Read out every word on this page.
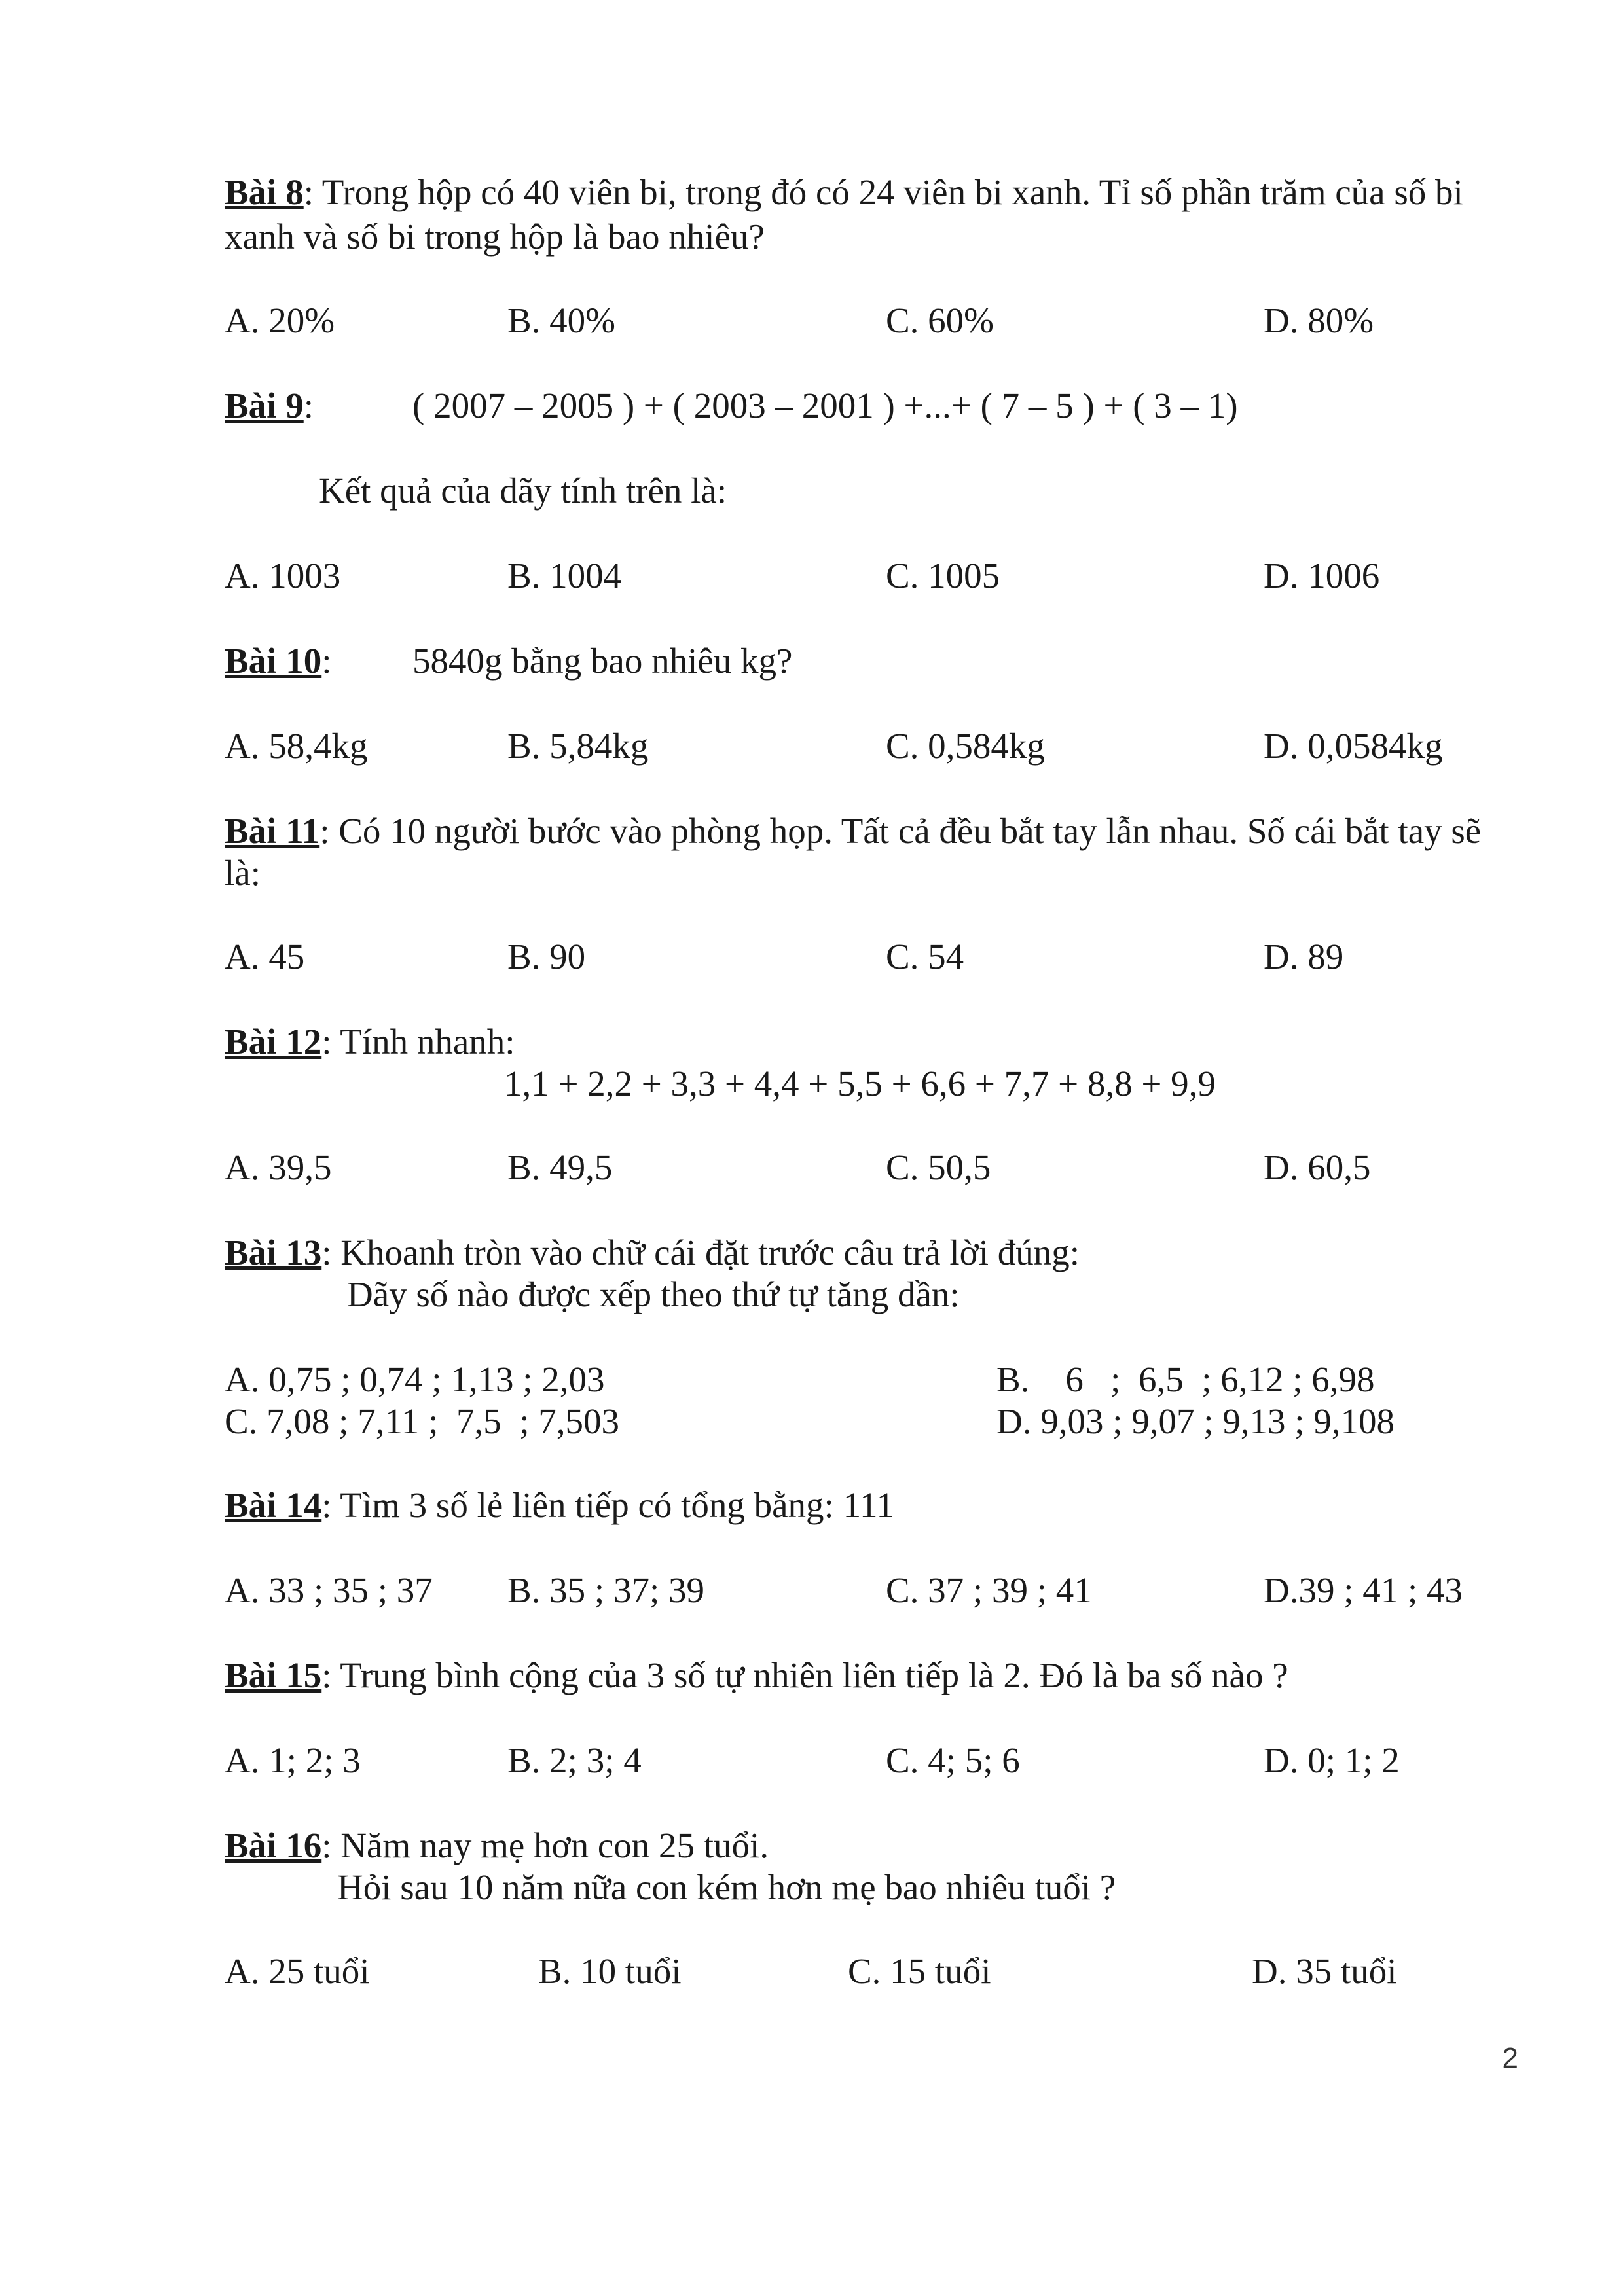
Bài 8: Trong hộp có 40 viên bi, trong đó có 24 viên bi xanh. Tỉ số phần trăm của số bi
xanh và số bi trong hộp là bao nhiêu?
A. 20%	B. 40%	C. 60%	D. 80%
Bài 9:	( 2007 – 2005 ) + ( 2003 – 2001 ) +...+ ( 7 – 5 ) + ( 3 – 1)
Kết quả của dãy tính trên là:
A. 1003	B. 1004	C. 1005	D. 1006
Bài 10: 5840g bằng bao nhiêu kg?
A. 58,4kg	B. 5,84kg	C. 0,584kg	D. 0,0584kg
Bài 11: Có 10 người bước vào phòng họp. Tất cả đều bắt tay lẫn nhau. Số cái bắt tay sẽ
là:
A. 45	B. 90	C. 54	D. 89
Bài 12: Tính nhanh:
1,1 + 2,2 + 3,3 + 4,4 + 5,5 + 6,6 + 7,7 + 8,8 + 9,9
A. 39,5	B. 49,5	C. 50,5	D. 60,5
Bài 13: Khoanh tròn vào chữ cái đặt trước câu trả lời đúng:
Dãy số nào được xếp theo thứ tự tăng dần:
A. 0,75 ; 0,74 ; 1,13 ; 2,03	B.    6   ;  6,5  ; 6,12 ; 6,98
C. 7,08 ; 7,11 ;  7,5  ; 7,503	D. 9,03 ; 9,07 ; 9,13 ; 9,108
Bài 14: Tìm 3 số lẻ liên tiếp có tổng bằng: 111
A. 33 ; 35 ; 37 B. 35 ; 37; 39	C. 37 ; 39 ; 41	D.39 ; 41 ; 43
Bài 15: Trung bình cộng của 3 số tự nhiên liên tiếp là 2. Đó là ba số nào ?
A. 1; 2; 3	B. 2; 3; 4	C. 4; 5; 6	D. 0; 1; 2
Bài 16: Năm nay mẹ hơn con 25 tuổi.
Hỏi sau 10 năm nữa con kém hơn mẹ bao nhiêu tuổi ?
A. 25 tuổi	B. 10 tuổi	C. 15 tuổi	D. 35 tuổi
2
